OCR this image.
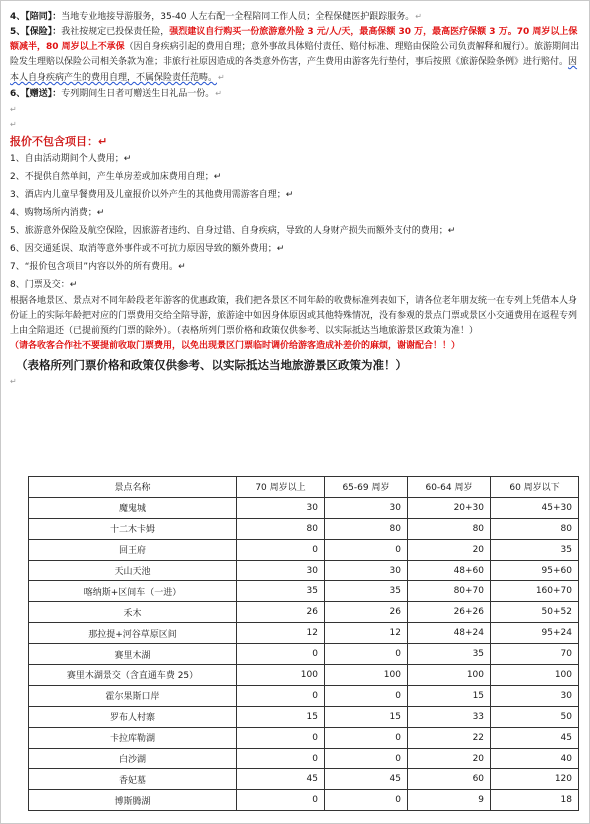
4、【陪同】：当地专业地接导游服务，35-40 人左右配一全程陪同工作人员；全程保健医护跟踪服务。↵

5、【保险】：我社按规定已投保责任险，强烈建议自行购买一份旅游意外险 3 元/人/天，最高保额 30 万，最高医疗保额 3 万。70 周岁以上保额减半，80 周岁以上不承保（因自身疾病引起的费用自理；意外事故具体赔付责任、赔付标准、理赔由保险公司负责解释和履行）。旅游期间出险发生理赔以保险公司相关条款为准；非旅行社原因造成的各类意外伤害，产生费用由游客先行垫付，事后按照《旅游保险条例》进行赔付。因本人自身疾病产生的费用自理，不属保险责任范畴。↵

6、【赠送】：专列期间生日者可赠送生日礼品一份。↵

↵
↵

报价不包含项目：↵

1、自由活动期间个人费用；↵

2、不提供自然单间，产生单房差或加床费用自理；↵

3、酒店内儿童早餐费用及儿童报价以外产生的其他费用需游客自理；↵

4、购物场所内消费；↵

5、旅游意外保险及航空保险，因旅游者违约、自身过错、自身疾病，导致的人身财产损失而额外支付的费用；↵

6、因交通延误、取消等意外事件或不可抗力原因导致的额外费用；↵

7、“报价包含项目”内容以外的所有费用。↵

8、门票及交：↵

根据各地景区、景点对不同年龄段老年游客的优惠政策，我们把各景区不同年龄的收费标准列表如下，请各位老年朋友统一在专列上凭借本人身份证上的实际年龄把对应的门票费用交给全陪导游，旅游途中如因身体原因或其他特殊情况，没有参观的景点门票或景区小交通费用在返程专列上由全陪退还（已提前预约门票的除外）。（表格所列门票价格和政策仅供参考、以实际抵达当地旅游景区政策为准！）

（请各收客合作社不要提前收取门票费用，以免出现景区门票临时调价给游客造成补差价的麻烦，谢谢配合！！）

（表格所列门票价格和政策仅供参考、以实际抵达当地旅游景区政策为准！）

↵
景点名称	70 周岁以上	65-69 周岁	60-64 周岁	60 周岁以下
魔鬼城	30	30	20+30	45+30
十二木卡姆	80	80	80	80
回王府	0	0	20	35
天山天池	30	30	48+60	95+60
喀纳斯+区间车（一进）	35	35	80+70	160+70
禾木	26	26	26+26	50+52
那拉提+河谷草原区间	12	12	48+24	95+24
赛里木湖	0	0	35	70
赛里木湖景交（含直通车费 25）	100	100	100	100
霍尔果斯口岸	0	0	15	30
罗布人村寨	15	15	33	50
卡拉库勒湖	0	0	22	45
白沙湖	0	0	20	40
香妃墓	45	45	60	120
博斯腾湖	0	0	9	18
